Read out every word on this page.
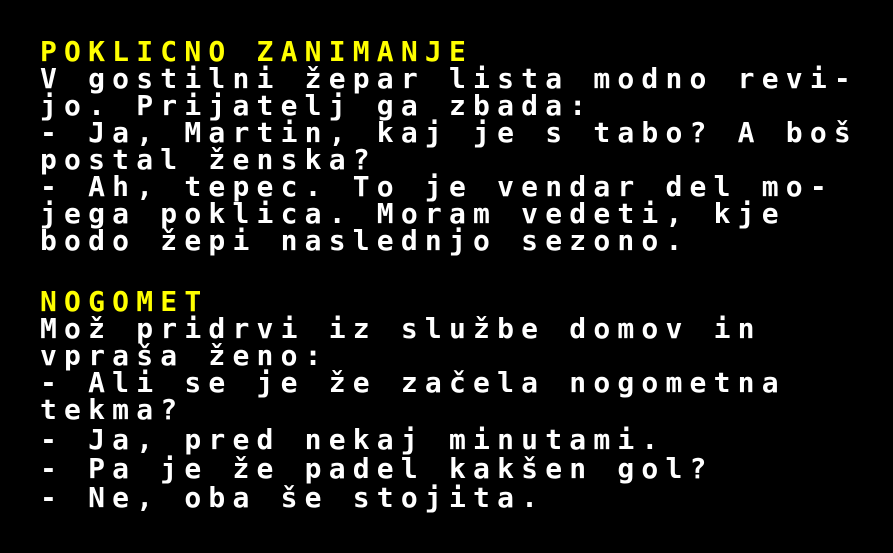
POKLICNO ZANIMANJE
V gostilni žepar lista modno revi-
jo. Prijatelj ga zbada:
- Ja, Martin, kaj je s tabo? A boš
postal ženska?
- Ah, tepec. To je vendar del mo-
jega poklica. Moram vedeti, kje
bodo žepi naslednjo sezono.
NOGOMET
Mož pridrvi iz službe domov in
vpraša ženo:
- Ali se je že začela nogometna
tekma?
- Ja, pred nekaj minutami.
- Pa je že padel kakšen gol?
- Ne, oba še stojita.
